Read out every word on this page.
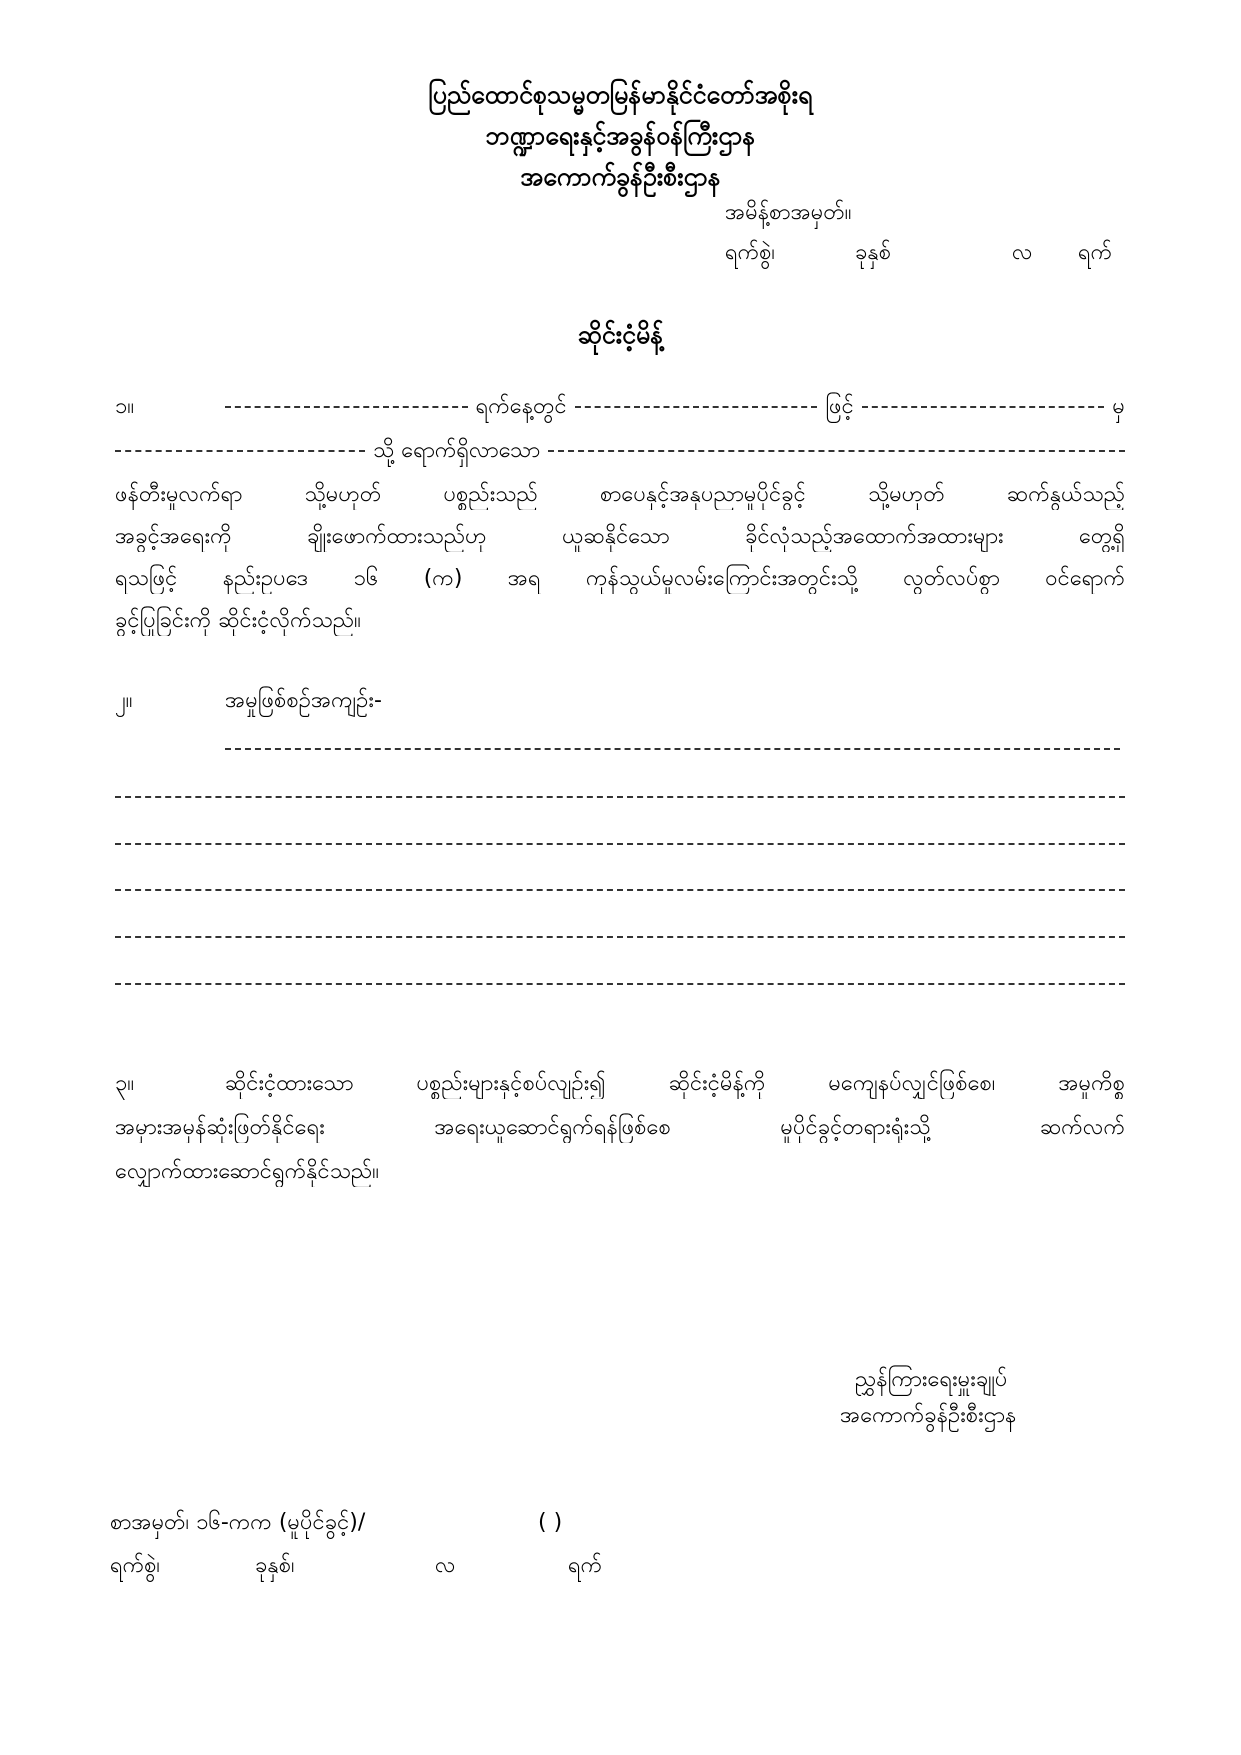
ပြည်ထောင်စုသမ္မတမြန်မာနိုင်ငံတော်အစိုးရ
ဘဏ္ဍာရေးနှင့်အခွန်ဝန်ကြီးဌာန
အကောက်ခွန်ဦးစီးဌာန
အမိန့်စာအမှတ်။
ရက်စွဲ၊	ခုနှစ်	လ ရက်
ဆိုင်းငံ့မိန့်
၁။	ရက်နေ့တွင်	ဖြင့်	မှ
သို့ ရောက်ရှိလာသော
ဖန်တီးမှုလက်ရာ သို့မဟုတ် ပစ္စည်းသည် စာပေနှင့်အနုပညာမူပိုင်ခွင့် သို့မဟုတ် ဆက်နွယ်သည့်
အခွင့်အရေးကို ချိုးဖောက်ထားသည်ဟု ယူဆနိုင်သော ခိုင်လုံသည့်အထောက်အထားများ တွေ့ရှိ
ရသဖြင့် နည်းဥပဒေ ၁၆ (က) အရ ကုန်သွယ်မှုလမ်းကြောင်းအတွင်းသို့ လွတ်လပ်စွာ ဝင်ရောက်
ခွင့်ပြုခြင်းကို ဆိုင်းငံ့လိုက်သည်။
၂။	အမှုဖြစ်စဉ်အကျဉ်း-
၃။	ဆိုင်းငံ့ထားသော ပစ္စည်းများနှင့်စပ်လျဉ်း၍ ဆိုင်းငံ့မိန့်ကို မကျေနပ်လျှင်ဖြစ်စေ၊ အမှုကိစ္စ
အမှားအမှန်ဆုံးဖြတ်နိုင်ရေး အရေးယူဆောင်ရွက်ရန်ဖြစ်စေ မူပိုင်ခွင့်တရားရုံးသို့ ဆက်လက်
လျှောက်ထားဆောင်ရွက်နိုင်သည်။
ညွှန်ကြားရေးမှူးချုပ်
အကောက်ခွန်ဦးစီးဌာန
စာအမှတ်၊ ၁၆-ကက (မူပိုင်ခွင့်)/	( )
ရက်စွဲ၊	ခုနှစ်၊	လ	ရက်
